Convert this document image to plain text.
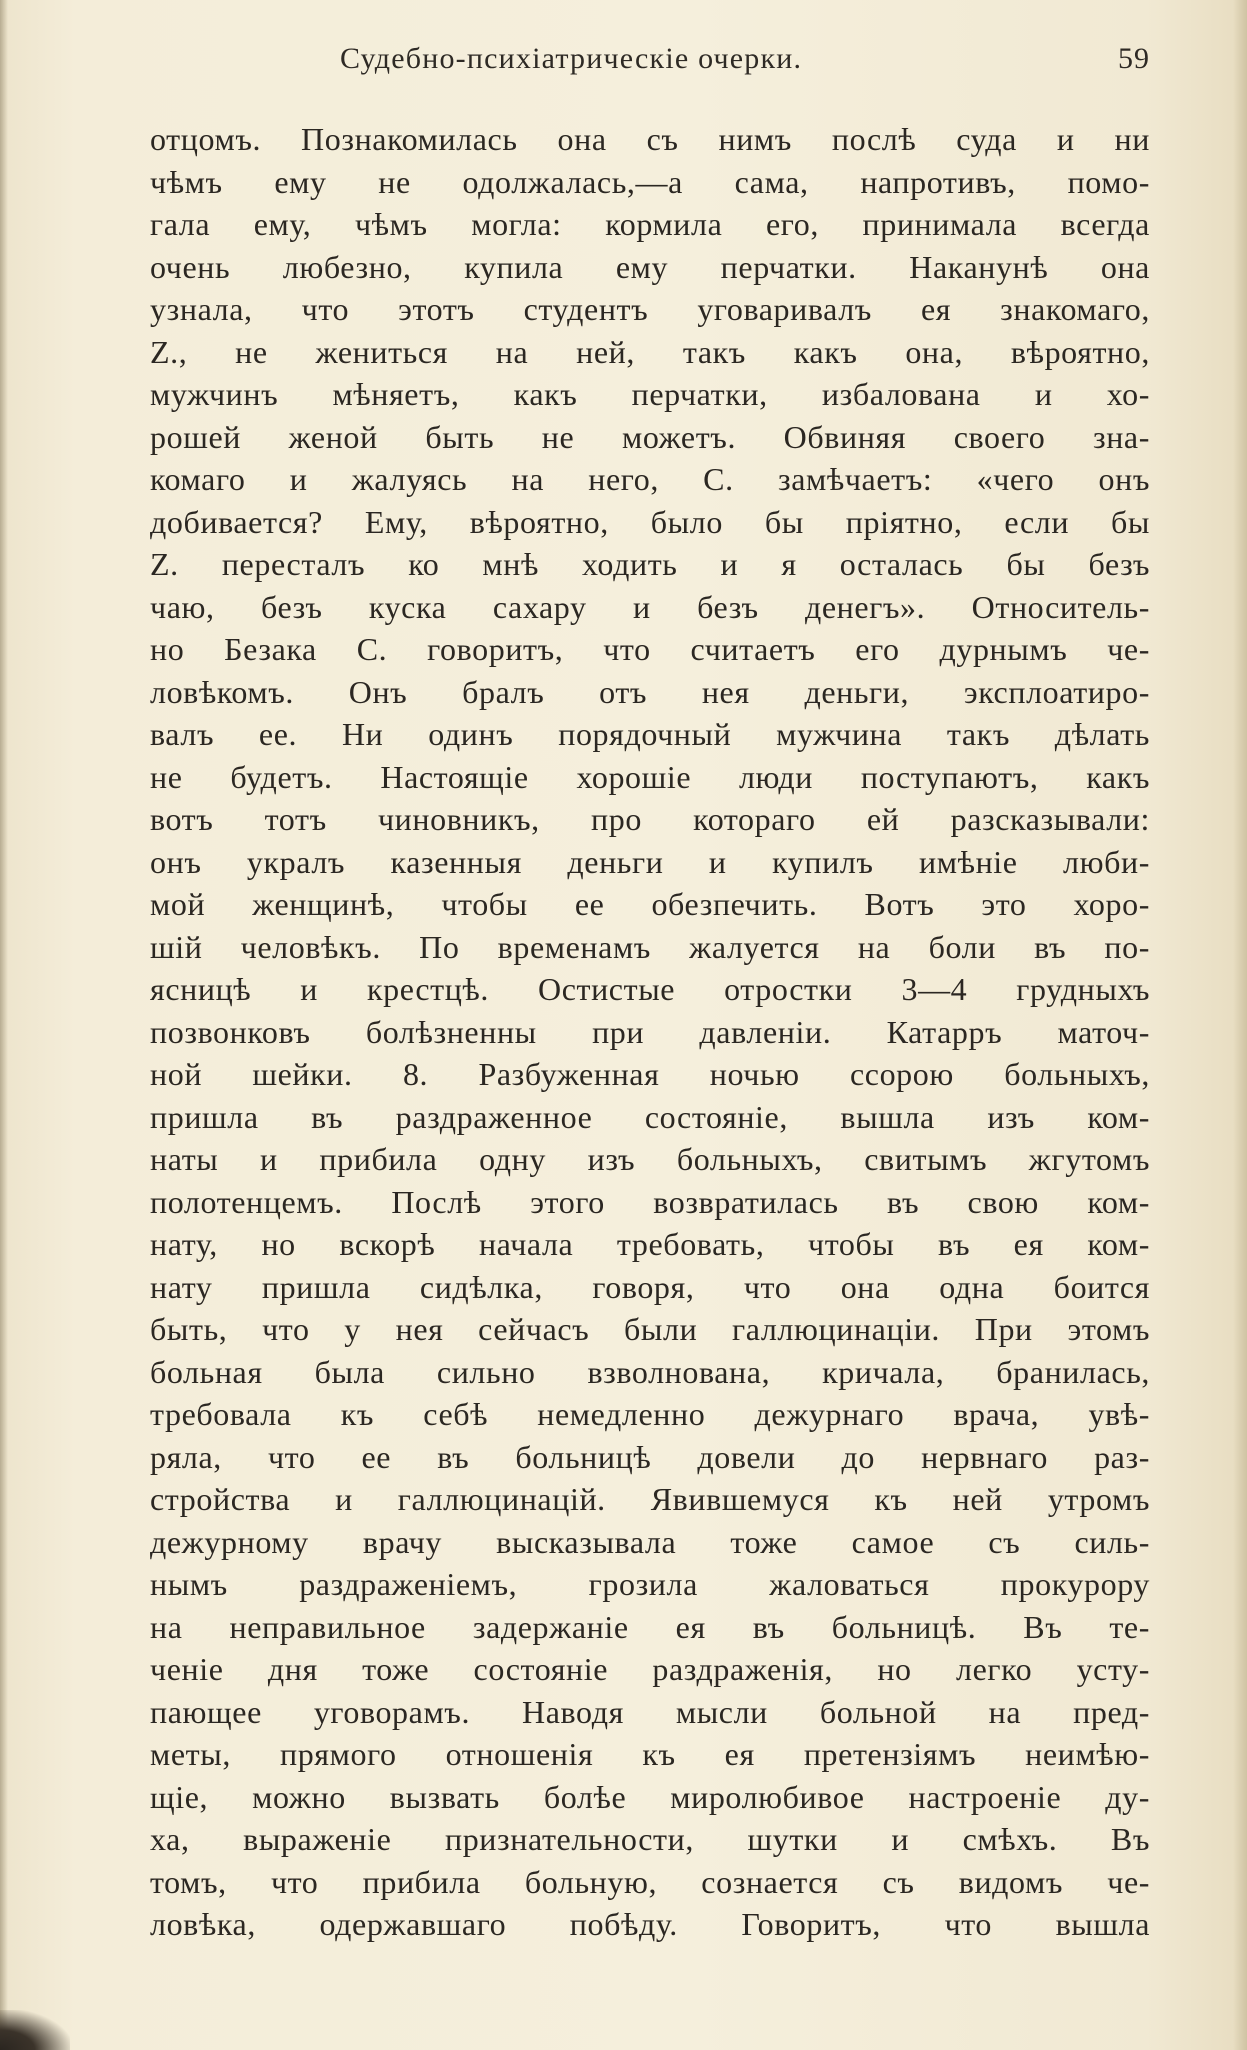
Судебно-психіатрическіе очерки.	59
отцомъ. Познакомилась она съ нимъ послѣ суда и ни
чѣмъ ему не одолжалась,—а сама, напротивъ, помо-
гала ему, чѣмъ могла: кормила его, принимала всегда
очень любезно, купила ему перчатки. Наканунѣ она
узнала, что этотъ студентъ уговаривалъ ея знакомаго,
Z., не жениться на ней, такъ какъ она, вѣроятно,
мужчинъ мѣняетъ, какъ перчатки, избалована и хо-
рошей женой быть не можетъ. Обвиняя своего зна-
комаго и жалуясь на него, С. замѣчаетъ: «чего онъ
добивается? Ему, вѣроятно, было бы пріятно, если бы
Z. пересталъ ко мнѣ ходить и я осталась бы безъ
чаю, безъ куска сахару и безъ денегъ». Относитель-
но Безака С. говоритъ, что считаетъ его дурнымъ че-
ловѣкомъ. Онъ бралъ отъ нея деньги, эксплоатиро-
валъ ее. Ни одинъ порядочный мужчина такъ дѣлать
не будетъ. Настоящіе хорошіе люди поступаютъ, какъ
вотъ тотъ чиновникъ, про котораго ей разсказывали:
онъ укралъ казенныя деньги и купилъ имѣніе люби-
мой женщинѣ, чтобы ее обезпечить. Вотъ это хоро-
шій человѣкъ. По временамъ жалуется на боли въ по-
ясницѣ и крестцѣ. Остистые отростки 3—4 грудныхъ
позвонковъ болѣзненны при давленіи. Катарръ маточ-
ной шейки. 8. Разбуженная ночью ссорою больныхъ,
пришла въ раздраженное состояніе, вышла изъ ком-
наты и прибила одну изъ больныхъ, свитымъ жгутомъ
полотенцемъ. Послѣ этого возвратилась въ свою ком-
нату, но вскорѣ начала требовать, чтобы въ ея ком-
нату пришла сидѣлка, говоря, что она одна боится
быть, что у нея сейчасъ были галлюцинаціи. При этомъ
больная была сильно взволнована, кричала, бранилась,
требовала къ себѣ немедленно дежурнаго врача, увѣ-
ряла, что ее въ больницѣ довели до нервнаго раз-
стройства и галлюцинацій. Явившемуся къ ней утромъ
дежурному врачу высказывала тоже самое съ силь-
нымъ раздраженіемъ, грозила жаловаться прокурору
на неправильное задержаніе ея въ больницѣ. Въ те-
ченіе дня тоже состояніе раздраженія, но легко усту-
пающее уговорамъ. Наводя мысли больной на пред-
меты, прямого отношенія къ ея претензіямъ неимѣю-
щіе, можно вызвать болѣе миролюбивое настроеніе ду-
ха, выраженіе признательности, шутки и смѣхъ. Въ
томъ, что прибила больную, сознается съ видомъ че-
ловѣка, одержавшаго побѣду. Говоритъ, что вышла
